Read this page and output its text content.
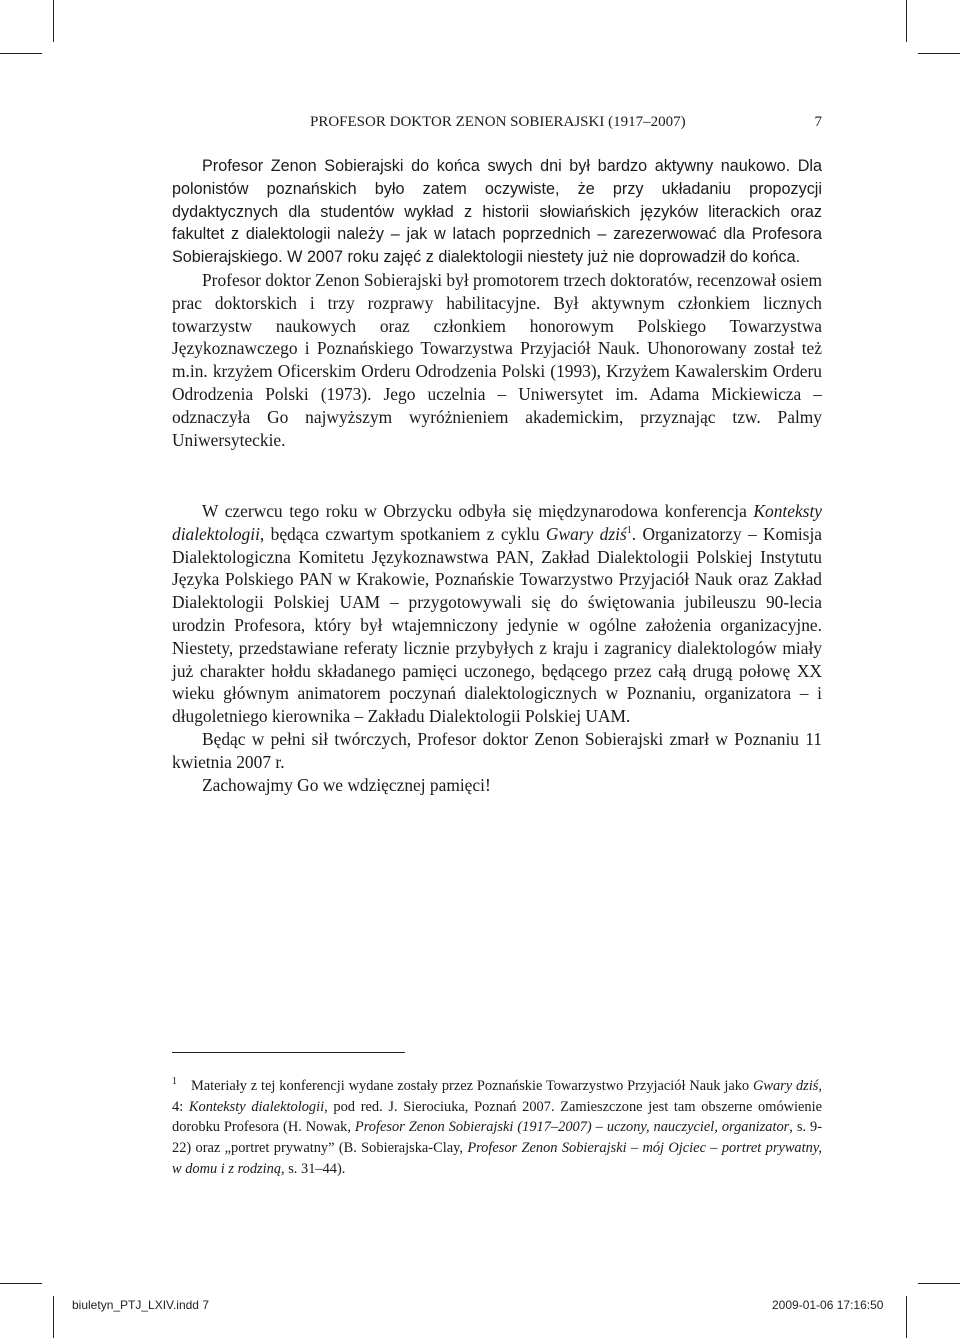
PROFESOR DOKTOR ZENON SOBIERAJSKI (1917–2007)	7

Profesor Zenon Sobierajski do końca swych dni był bardzo aktywny naukowo. Dla polonistów poznańskich było zatem oczywiste, że przy układaniu propozycji dydaktycznych dla studentów wykład z historii słowiańskich języków literackich oraz fakultet z dialektologii należy – jak w latach poprzednich – zarezerwować dla Profesora Sobierajskiego. W 2007 roku zajęć z dialektologii niestety już nie doprowadził do końca.

Profesor doktor Zenon Sobierajski był promotorem trzech doktoratów, recenzował osiem prac doktorskich i trzy rozprawy habilitacyjne. Był aktywnym członkiem licznych towarzystw naukowych oraz członkiem honorowym Polskiego Towarzystwa Językoznawczego i Poznańskiego Towarzystwa Przyjaciół Nauk. Uhonorowany został też m.in. krzyżem Oficerskim Orderu Odrodzenia Polski (1993), Krzyżem Kawalerskim Orderu Odrodzenia Polski (1973). Jego uczelnia – Uniwersytet im. Adama Mickiewicza – odznaczyła Go najwyższym wyróżnieniem akademickim, przyznając tzw. Palmy Uniwersyteckie.

W czerwcu tego roku w Obrzycku odbyła się międzynarodowa konferencja Konteksty dialektologii, będąca czwartym spotkaniem z cyklu Gwary dziś$^1$. Organizatorzy – Komisja Dialektologiczna Komitetu Językoznawstwa PAN, Zakład Dialektologii Polskiej Instytutu Języka Polskiego PAN w Krakowie, Poznańskie Towarzystwo Przyjaciół Nauk oraz Zakład Dialektologii Polskiej UAM – przygotowywali się do świętowania jubileuszu 90-lecia urodzin Profesora, który był wtajemniczony jedynie w ogólne założenia organizacyjne. Niestety, przedstawiane referaty licznie przybyłych z kraju i zagranicy dialektologów miały już charakter hołdu składanego pamięci uczonego, będącego przez całą drugą połowę XX wieku głównym animatorem poczynań dialektologicznych w Poznaniu, organizatora – i długoletniego kierownika – Zakładu Dialektologii Polskiej UAM.

Będąc w pełni sił twórczych, Profesor doktor Zenon Sobierajski zmarł w Poznaniu 11 kwietnia 2007 r.

Zachowajmy Go we wdzięcznej pamięci!

$^1$ Materiały z tej konferencji wydane zostały przez Poznańskie Towarzystwo Przyjaciół Nauk jako Gwary dziś, 4: Konteksty dialektologii, pod red. J. Sierociuka, Poznań 2007. Zamieszczone jest tam obszerne omówienie dorobku Profesora (H. Nowak, Profesor Zenon Sobierajski (1917–2007) – uczony, nauczyciel, organizator, s. 9-22) oraz „portret prywatny” (B. Sobierajska-Clay, Profesor Zenon Sobierajski – mój Ojciec – portret prywatny, w domu i z rodziną, s. 31–44).

biuletyn_PTJ_LXIV.indd 7	2009-01-06 17:16:50
